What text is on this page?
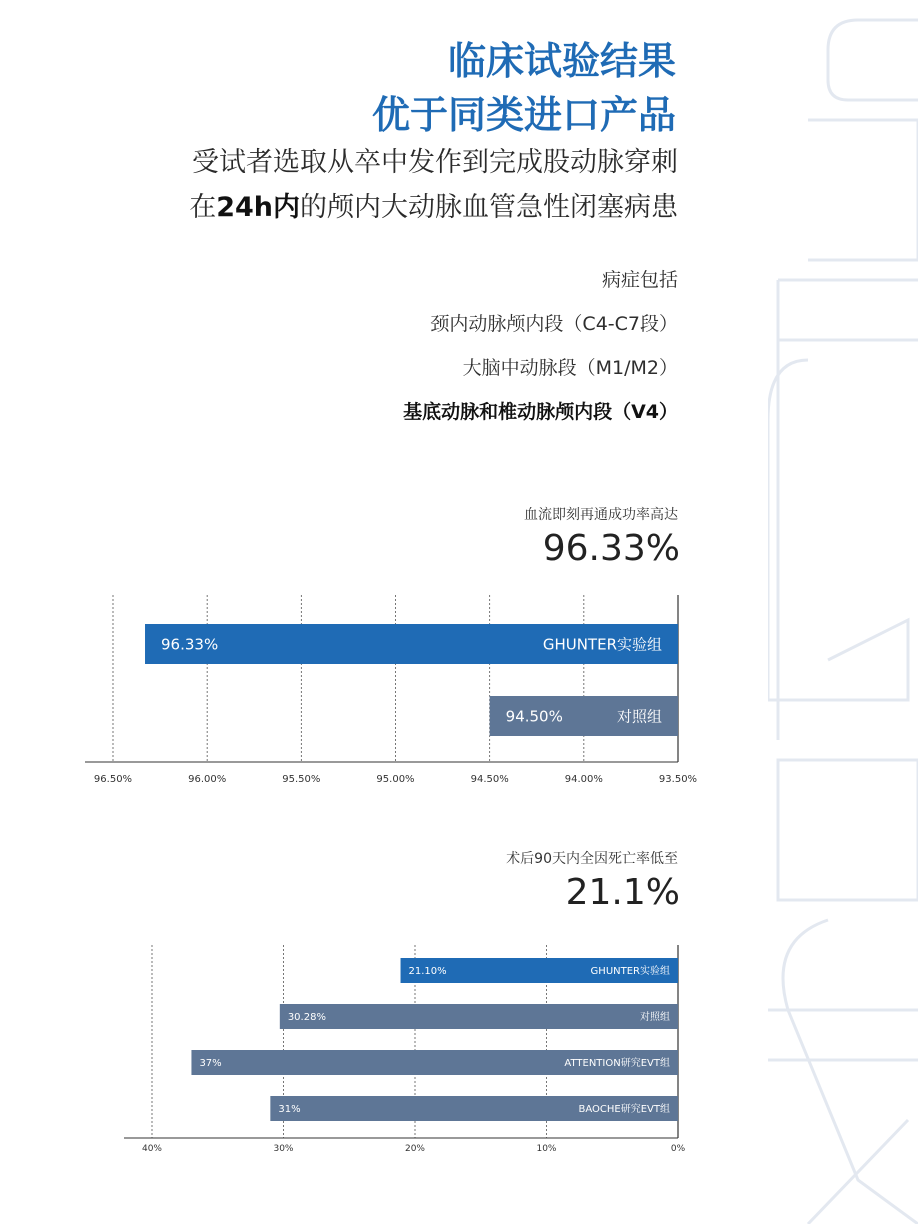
临床试验结果
优于同类进口产品
受试者选取从卒中发作到完成股动脉穿刺
在24h内的颅内大动脉血管急性闭塞病患
病症包括
颈内动脉颅内段（C4-C7段）
大脑中动脉段（M1/M2）
基底动脉和椎动脉颅内段（V4）
血流即刻再通成功率高达
96.33%
96.50%	96.00%	95.50%	95.00%	94.50%	94.00%	93.50%
96.33%	GHUNTER实验组
94.50%	对照组
术后90天内全因死亡率低至
21.1%
40%	30%	20%	10%	0%
21.10%	GHUNTER实验组
30.28%	对照组
37%	ATTENTION研究EVT组
31%	BAOCHE研究EVT组
